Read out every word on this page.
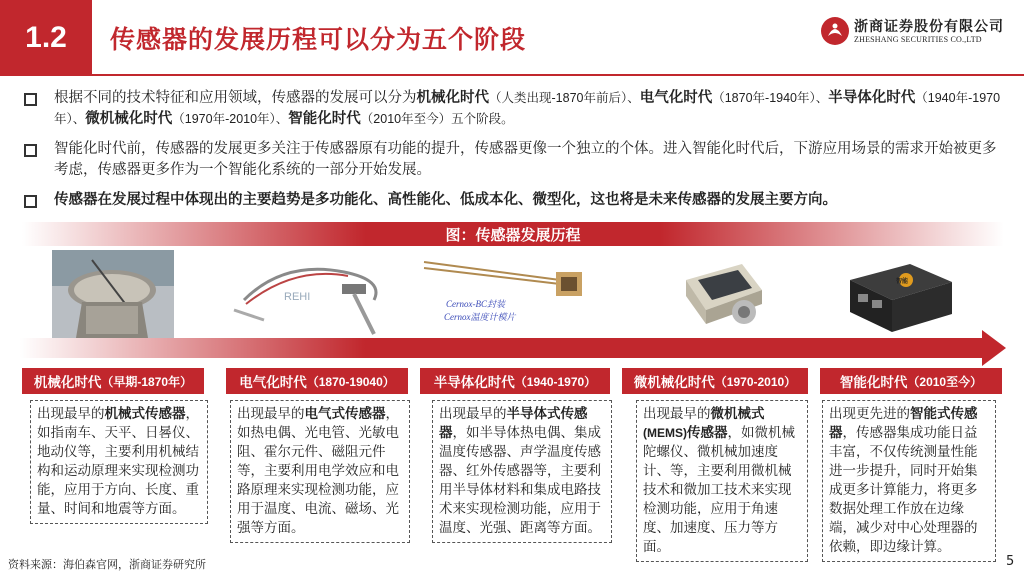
1.2	传感器的发展历程可以分为五个阶段	浙商证券股份有限公司
ZHESHANG SECURITIES CO.,LTD
根据不同的技术特征和应用领域，传感器的发展可以分为机械化时代（人类出现-1870年前后）、电气化时代（1870年-1940年）、半导体化时代（1940年-1970年）、微机械化时代（1970年-2010年）、智能化时代（2010年至今）五个阶段。
智能化时代前，传感器的发展更多关注于传感器原有功能的提升，传感器更像一个独立的个体。进入智能化时代后，下游应用场景的需求开始被更多考虑，传感器更多作为一个智能化系统的一部分开始发展。
传感器在发展过程中体现出的主要趋势是多功能化、高性能化、低成本化、微型化，这也将是未来传感器的发展主要方向。
图：传感器发展历程
REHI
Cernox-BC封装
Cernox温度计模片
智能
机械化时代 （早期-1870年）	电气化时代 （1870-19040）	半导体化时代 （1940-1970）	微机械化时代 （1970-2010）	智能化时代 （2010至今）
出现最早的机械式传感器，如指南车、天平、日晷仪、地动仪等，主要利用机械结构和运动原理来实现检测功能，应用于方向、长度、重量、时间和地震等方面。
出现最早的电气式传感器，如热电偶、光电管、光敏电阻、霍尔元件、磁阻元件等，主要利用电学效应和电路原理来实现检测功能，应用于温度、电流、磁场、光强等方面。
出现最早的半导体式传感器，如半导体热电偶、集成温度传感器、声学温度传感器、红外传感器等，主要利用半导体材料和集成电路技术来实现检测功能，应用于温度、光强、距离等方面。
出现最早的微机械式(MEMS)传感器，如微机械陀螺仪、微机械加速度计、等，主要利用微机械技术和微加工技术来实现检测功能，应用于角速度、加速度、压力等方面。
出现更先进的智能式传感器，传感器集成功能日益丰富，不仅传统测量性能进一步提升，同时开始集成更多计算能力，将更多数据处理工作放在边缘端，减少对中心处理器的依赖，即边缘计算。
资料来源：海伯森官网，浙商证券研究所	5
